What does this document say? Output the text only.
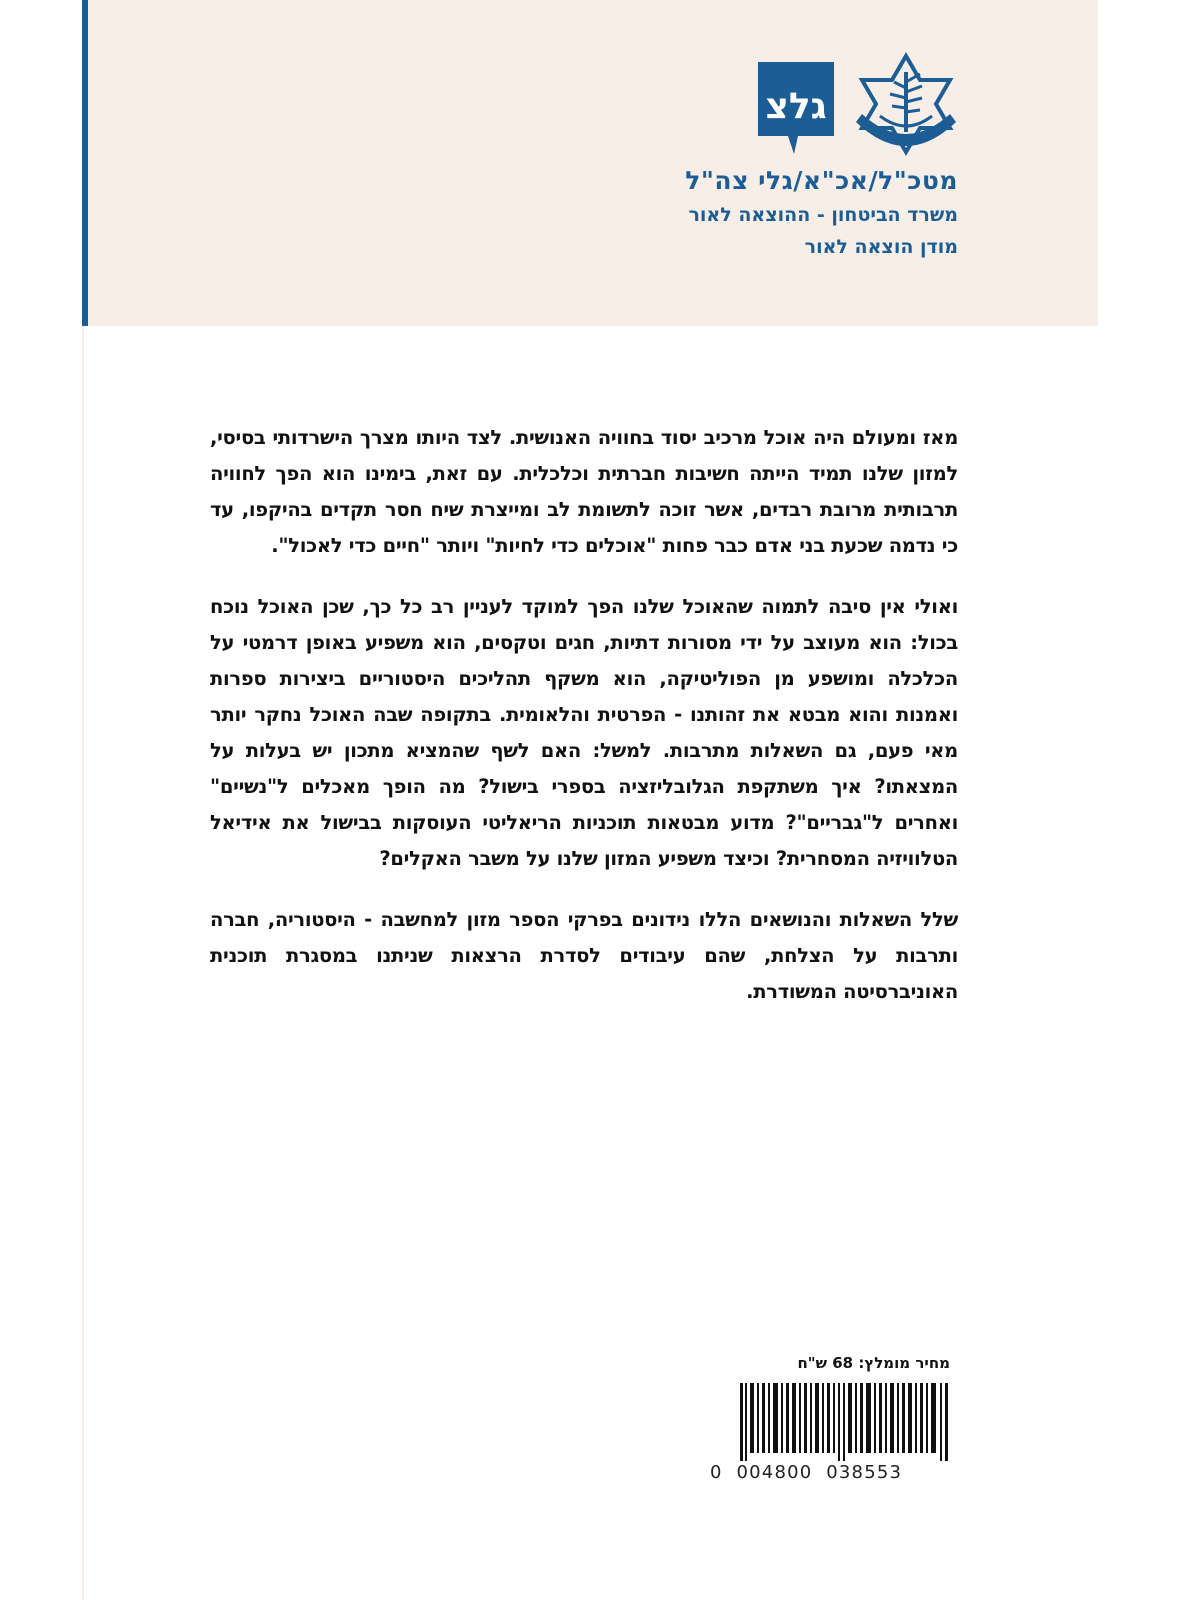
גלצ
מטכ"ל/אכ"א/גלי צה"ל
משרד הביטחון - ההוצאה לאור
מודן הוצאה לאור

מאז ומעולם היה אוכל מרכיב יסוד בחוויה האנושית. לצד היותו מצרך הישרדותי בסיסי, למזון שלנו תמיד הייתה חשיבות חברתית וכלכלית. עם זאת, בימינו הוא הפך לחוויה תרבותית מרובת רבדים, אשר זוכה לתשומת לב ומייצרת שיח חסר תקדים בהיקפו, עד כי נדמה שכעת בני אדם כבר פחות "אוכלים כדי לחיות" ויותר "חיים כדי לאכול".

ואולי אין סיבה לתמוה שהאוכל שלנו הפך למוקד לעניין רב כל כך, שכן האוכל נוכח בכול: הוא מעוצב על ידי מסורות דתיות, חגים וטקסים, הוא משפיע באופן דרמטי על הכלכלה ומושפע מן הפוליטיקה, הוא משקף תהליכים היסטוריים ביצירות ספרות ואמנות והוא מבטא את זהותנו - הפרטית והלאומית. בתקופה שבה האוכל נחקר יותר מאי פעם, גם השאלות מתרבות. למשל: האם לשף שהמציא מתכון יש בעלות על המצאתו? איך משתקפת הגלובליזציה בספרי בישול? מה הופך מאכלים ל"נשיים" ואחרים ל"גבריים"? מדוע מבטאות תוכניות הריאליטי העוסקות בבישול את אידיאל הטלוויזיה המסחרית? וכיצד משפיע המזון שלנו על משבר האקלים?

שלל השאלות והנושאים הללו נידונים בפרקי הספר מזון למחשבה - היסטוריה, חברה ותרבות על הצלחת, שהם עיבודים לסדרת הרצאות שניתנו במסגרת תוכנית האוניברסיטה המשודרת.

מחיר מומלץ: 68 ש"ח
0  004800  038553
